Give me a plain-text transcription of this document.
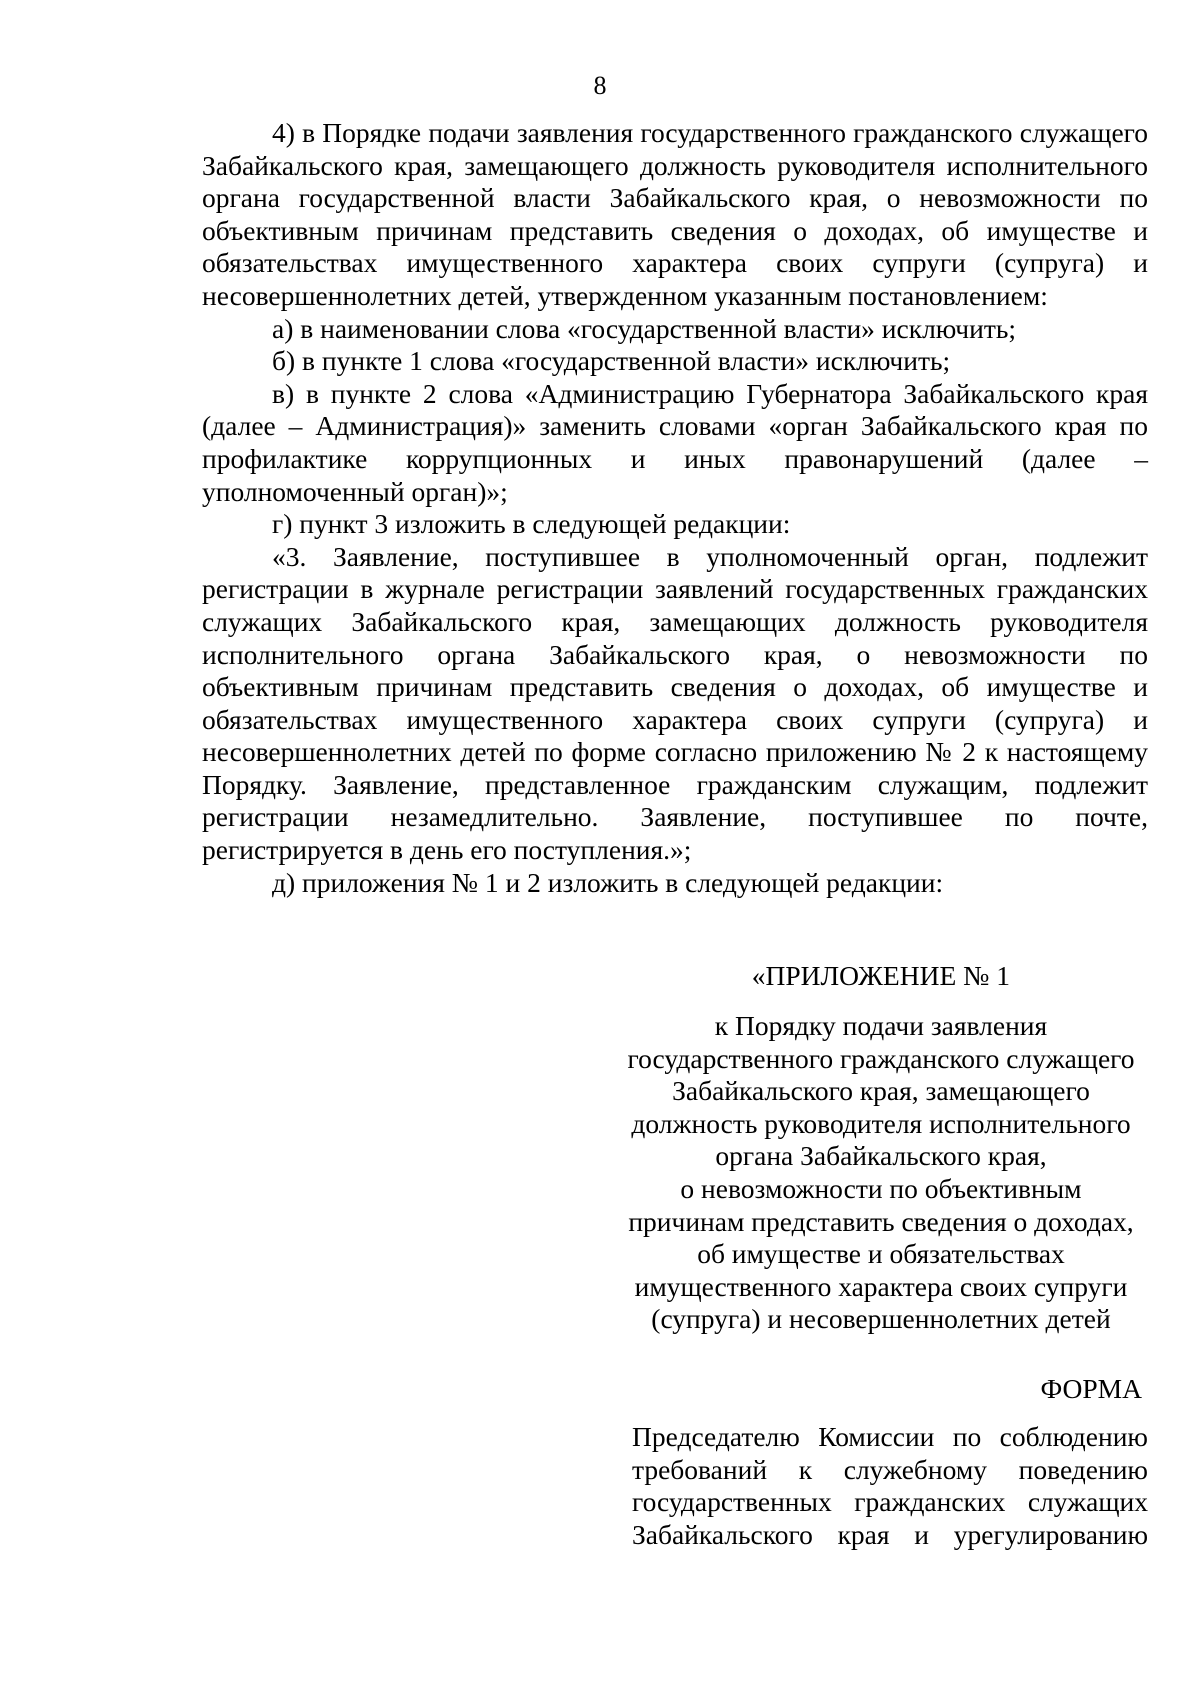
8

4) в Порядке подачи заявления государственного гражданского служащего Забайкальского края, замещающего должность руководителя исполнительного органа государственной власти Забайкальского края, о невозможности по объективным причинам представить сведения о доходах, об имуществе и обязательствах имущественного характера своих супруги (супруга) и несовершеннолетних детей, утвержденном указанным постановлением:

а) в наименовании слова «государственной власти» исключить;

б) в пункте 1 слова «государственной власти» исключить;

в) в пункте 2 слова «Администрацию Губернатора Забайкальского края (далее – Администрация)» заменить словами «орган Забайкальского края по профилактике коррупционных и иных правонарушений (далее – уполномоченный орган)»;

г) пункт 3 изложить в следующей редакции:

«3. Заявление, поступившее в уполномоченный орган, подлежит регистрации в журнале регистрации заявлений государственных гражданских служащих Забайкальского края, замещающих должность руководителя исполнительного органа Забайкальского края, о невозможности по объективным причинам представить сведения о доходах, об имуществе и обязательствах имущественного характера своих супруги (супруга) и несовершеннолетних детей по форме согласно приложению № 2 к настоящему Порядку. Заявление, представленное гражданским служащим, подлежит регистрации незамедлительно. Заявление, поступившее по почте, регистрируется в день его поступления.»;

д) приложения № 1 и 2 изложить в следующей редакции:

«ПРИЛОЖЕНИЕ № 1
к Порядку подачи заявления
государственного гражданского служащего
Забайкальского края, замещающего
должность руководителя исполнительного
органа Забайкальского края,
о невозможности по объективным
причинам представить сведения о доходах,
об имуществе и обязательствах
имущественного характера своих супруги
(супруга) и несовершеннолетних детей
ФОРМА
Председателю Комиссии по соблюдению
требований к служебному поведению
государственных гражданских служащих
Забайкальского края и урегулированию
